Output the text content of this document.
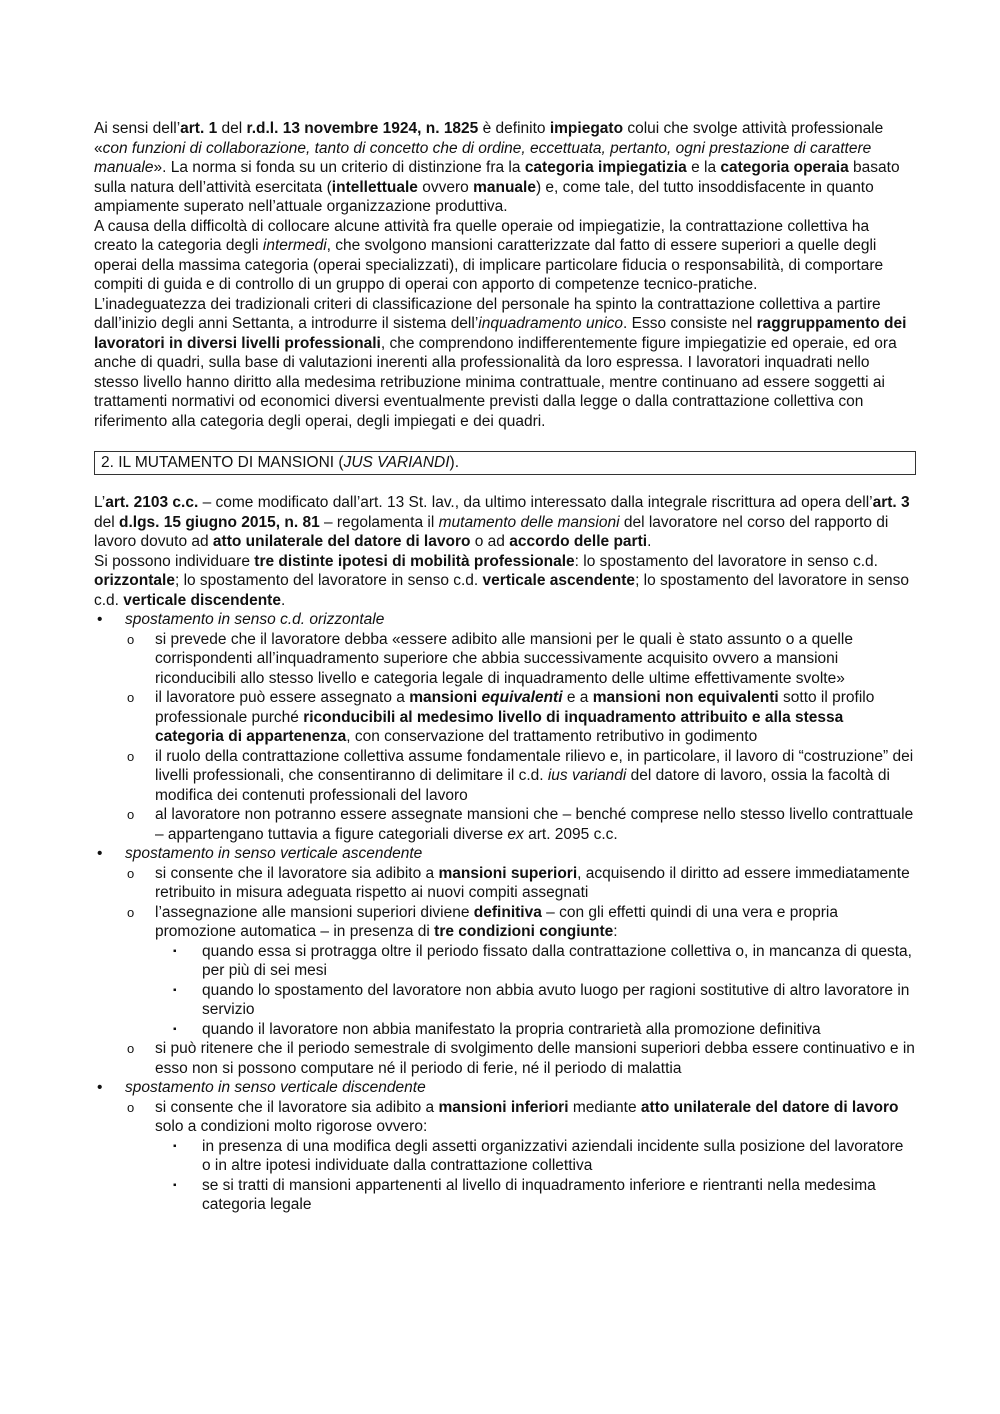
Ai sensi dell’art. 1 del r.d.l. 13 novembre 1924, n. 1825 è definito impiegato colui che svolge attività professionale «con funzioni di collaborazione, tanto di concetto che di ordine, eccettuata, pertanto, ogni prestazione di carattere manuale». La norma si fonda su un criterio di distinzione fra la categoria impiegatizia e la categoria operaia basato sulla natura dell’attività esercitata (intellettuale ovvero manuale) e, come tale, del tutto insoddisfacente in quanto ampiamente superato nell’attuale organizzazione produttiva.

A causa della difficoltà di collocare alcune attività fra quelle operaie od impiegatizie, la contrattazione collettiva ha creato la categoria degli intermedi, che svolgono mansioni caratterizzate dal fatto di essere superiori a quelle degli operai della massima categoria (operai specializzati), di implicare particolare fiducia o responsabilità, di comportare compiti di guida e di controllo di un gruppo di operai con apporto di competenze tecnico-pratiche.

L’inadeguatezza dei tradizionali criteri di classificazione del personale ha spinto la contrattazione collettiva a partire dall’inizio degli anni Settanta, a introdurre il sistema dell’inquadramento unico. Esso consiste nel raggruppamento dei lavoratori in diversi livelli professionali, che comprendono indifferentemente figure impiegatizie ed operaie, ed ora anche di quadri, sulla base di valutazioni inerenti alla professionalità da loro espressa. I lavoratori inquadrati nello stesso livello hanno diritto alla medesima retribuzione minima contrattuale, mentre continuano ad essere soggetti ai trattamenti normativi od economici diversi eventualmente previsti dalla legge o dalla contrattazione collettiva con riferimento alla categoria degli operai, degli impiegati e dei quadri.

2. IL MUTAMENTO DI MANSIONI (JUS VARIANDI).

L’art. 2103 c.c. – come modificato dall’art. 13 St. lav., da ultimo interessato dalla integrale riscrittura ad opera dell’art. 3 del d.lgs. 15 giugno 2015, n. 81 – regolamenta il mutamento delle mansioni del lavoratore nel corso del rapporto di lavoro dovuto ad atto unilaterale del datore di lavoro o ad accordo delle parti.

Si possono individuare tre distinte ipotesi di mobilità professionale: lo spostamento del lavoratore in senso c.d. orizzontale; lo spostamento del lavoratore in senso c.d. verticale ascendente; lo spostamento del lavoratore in senso c.d. verticale discendente.

• spostamento in senso c.d. orizzontale
o si prevede che il lavoratore debba «essere adibito alle mansioni per le quali è stato assunto o a quelle corrispondenti all’inquadramento superiore che abbia successivamente acquisito ovvero a mansioni riconducibili allo stesso livello e categoria legale di inquadramento delle ultime effettivamente svolte»
o il lavoratore può essere assegnato a mansioni equivalenti e a mansioni non equivalenti sotto il profilo professionale purché riconducibili al medesimo livello di inquadramento attribuito e alla stessa categoria di appartenenza, con conservazione del trattamento retributivo in godimento
o il ruolo della contrattazione collettiva assume fondamentale rilievo e, in particolare, il lavoro di “costruzione” dei livelli professionali, che consentiranno di delimitare il c.d. ius variandi del datore di lavoro, ossia la facoltà di modifica dei contenuti professionali del lavoro
o al lavoratore non potranno essere assegnate mansioni che – benché comprese nello stesso livello contrattuale – appartengano tuttavia a figure categoriali diverse ex art. 2095 c.c.
• spostamento in senso verticale ascendente
o si consente che il lavoratore sia adibito a mansioni superiori, acquisendo il diritto ad essere immediatamente retribuito in misura adeguata rispetto ai nuovi compiti assegnati
o l’assegnazione alle mansioni superiori diviene definitiva – con gli effetti quindi di una vera e propria promozione automatica – in presenza di tre condizioni congiunte:
▪ quando essa si protragga oltre il periodo fissato dalla contrattazione collettiva o, in mancanza di questa, per più di sei mesi
▪ quando lo spostamento del lavoratore non abbia avuto luogo per ragioni sostitutive di altro lavoratore in servizio
▪ quando il lavoratore non abbia manifestato la propria contrarietà alla promozione definitiva
o si può ritenere che il periodo semestrale di svolgimento delle mansioni superiori debba essere continuativo e in esso non si possono computare né il periodo di ferie, né il periodo di malattia
• spostamento in senso verticale discendente
o si consente che il lavoratore sia adibito a mansioni inferiori mediante atto unilaterale del datore di lavoro solo a condizioni molto rigorose ovvero:
▪ in presenza di una modifica degli assetti organizzativi aziendali incidente sulla posizione del lavoratore o in altre ipotesi individuate dalla contrattazione collettiva
▪ se si tratti di mansioni appartenenti al livello di inquadramento inferiore e rientranti nella medesima categoria legale
